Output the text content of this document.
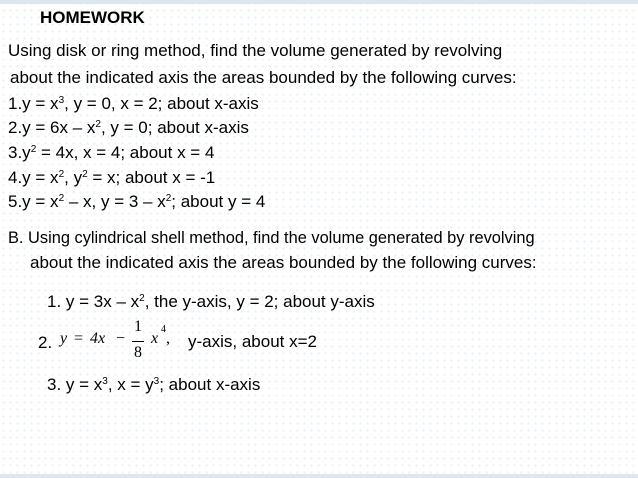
HOMEWORK
Using disk or ring method, find the volume generated by revolving
about the indicated axis the areas bounded by the following curves:
$1.y = x^3$, y = 0, x = 2; about x-axis
$2.y = 6x - x^2$, y = 0; about x-axis
$3.y^2 = 4x$, x = 4; about x = 4
$4.y = x^2$, $y^2 = x$; about x = -1
$5.y = x^2 - x$, $y = 3 - x^2$; about y = 4
B. Using cylindrical shell method, find the volume generated by revolving
about the indicated axis the areas bounded by the following curves:
1. $y = 3x - x^2$, the y-axis, y = 2; about y-axis
2. y = 4x −
1
8
x
4
, y-axis, about x=2
3. $y = x^3$, $x = y^3$; about x-axis
